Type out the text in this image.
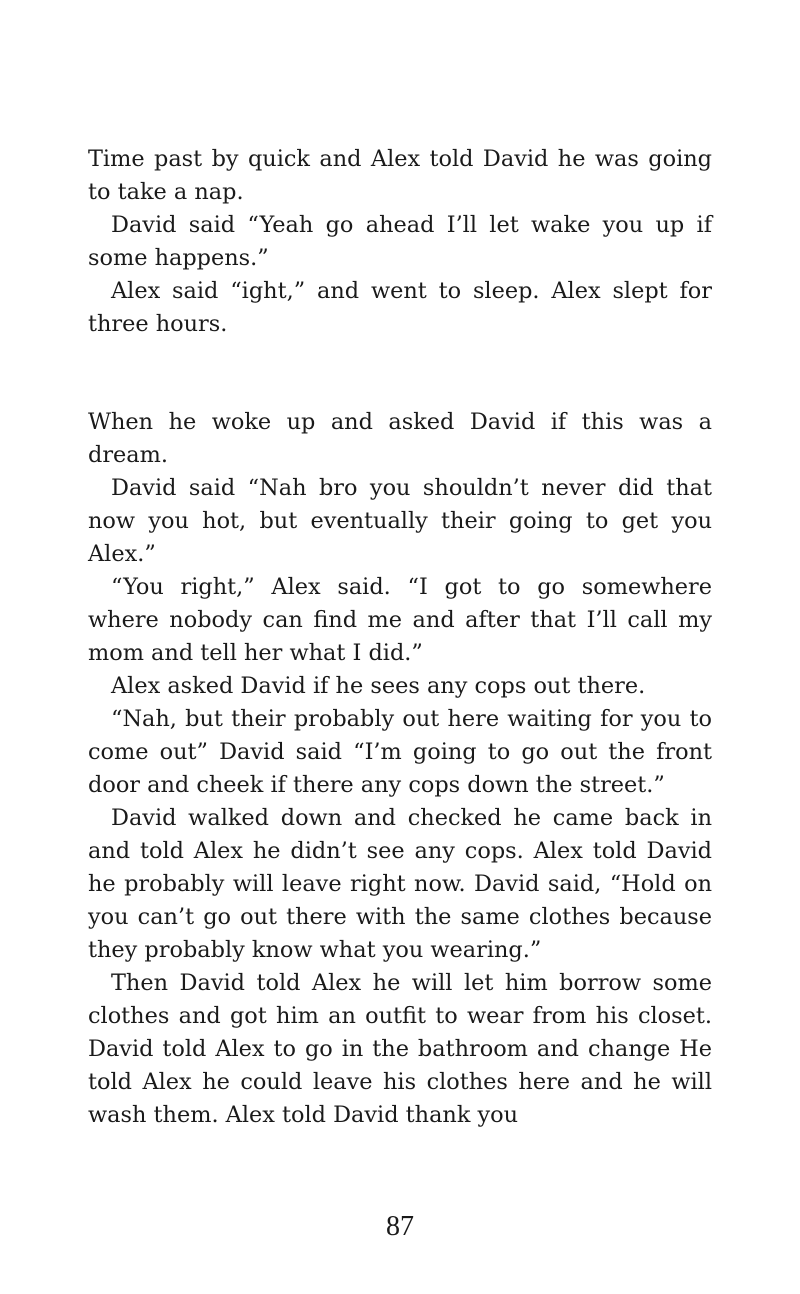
Time past by quick and Alex told David he was going to take a nap.

David said “Yeah go ahead I’ll let wake you up if some happens.”

Alex said “ight,” and went to sleep. Alex slept for three hours.

When he woke up and asked David if this was a dream.

David said “Nah bro you shouldn’t never did that now you hot, but eventually their going to get you Alex.”

“You right,” Alex said. “I got to go somewhere where nobody can find me and after that I’ll call my mom and tell her what I did.”

Alex asked David if he sees any cops out there.

“Nah, but their probably out here waiting for you to come out” David said “I’m going to go out the front door and cheek if there any cops down the street.”

David walked down and checked he came back in and told Alex he didn’t see any cops. Alex told David he probably will leave right now. David said, “Hold on you can’t go out there with the same clothes because they probably know what you wearing.”

Then David told Alex he will let him borrow some clothes and got him an outfit to wear from his closet. David told Alex to go in the bathroom and change He told Alex he could leave his clothes here and he will wash them. Alex told David thank you

87
